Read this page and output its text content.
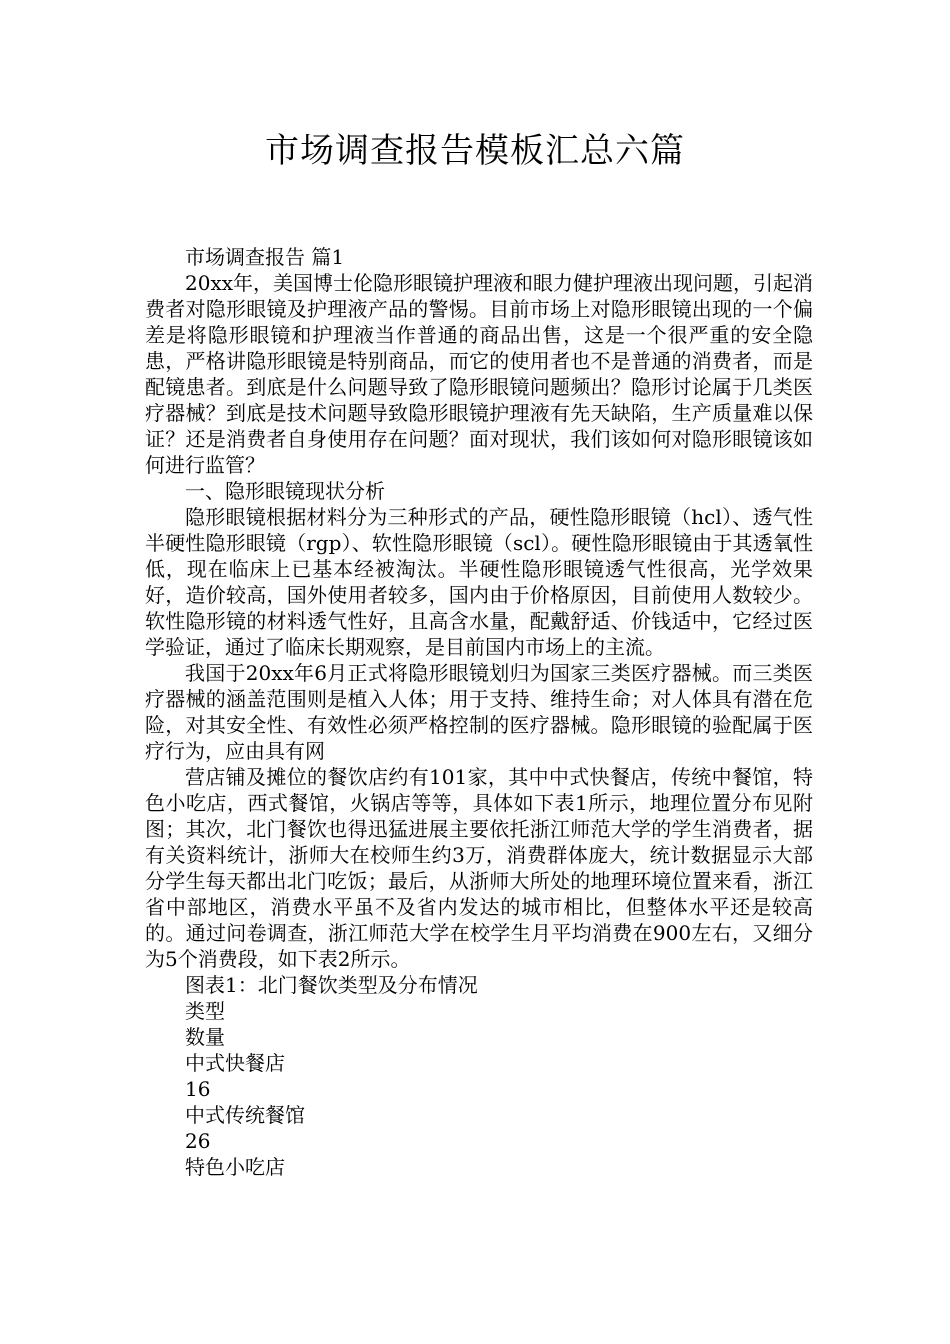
市场调查报告模板汇总六篇

市场调查报告 篇1

20xx年，美国博士伦隐形眼镜护理液和眼力健护理液出现问题，引起消费者对隐形眼镜及护理液产品的警惕。目前市场上对隐形眼镜出现的一个偏差是将隐形眼镜和护理液当作普通的商品出售，这是一个很严重的安全隐患，严格讲隐形眼镜是特别商品，而它的使用者也不是普通的消费者，而是配镜患者。到底是什么问题导致了隐形眼镜问题频出？隐形讨论属于几类医疗器械？到底是技术问题导致隐形眼镜护理液有先天缺陷，生产质量难以保证？还是消费者自身使用存在问题？面对现状，我们该如何对隐形眼镜该如何进行监管？

一、隐形眼镜现状分析

隐形眼镜根据材料分为三种形式的产品，硬性隐形眼镜（hcl）、透气性半硬性隐形眼镜（rgp）、软性隐形眼镜（scl）。硬性隐形眼镜由于其透氧性低，现在临床上已基本经被淘汰。半硬性隐形眼镜透气性很高，光学效果好，造价较高，国外使用者较多，国内由于价格原因，目前使用人数较少。软性隐形镜的材料透气性好，且高含水量，配戴舒适、价钱适中，它经过医学验证，通过了临床长期观察，是目前国内市场上的主流。

我国于20xx年6月正式将隐形眼镜划归为国家三类医疗器械。而三类医疗器械的涵盖范围则是植入人体；用于支持、维持生命；对人体具有潜在危险，对其安全性、有效性必须严格控制的医疗器械。隐形眼镜的验配属于医疗行为，应由具有网

营店铺及摊位的餐饮店约有101家，其中中式快餐店，传统中餐馆，特色小吃店，西式餐馆，火锅店等等，具体如下表1所示，地理位置分布见附图；其次，北门餐饮也得迅猛进展主要依托浙江师范大学的学生消费者，据有关资料统计，浙师大在校师生约3万，消费群体庞大，统计数据显示大部分学生每天都出北门吃饭；最后，从浙师大所处的地理环境位置来看，浙江省中部地区，消费水平虽不及省内发达的城市相比，但整体水平还是较高的。通过问卷调查，浙江师范大学在校学生月平均消费在900左右，又细分为5个消费段，如下表2所示。

图表1：北门餐饮类型及分布情况

类型

数量

中式快餐店

16

中式传统餐馆

26

特色小吃店
